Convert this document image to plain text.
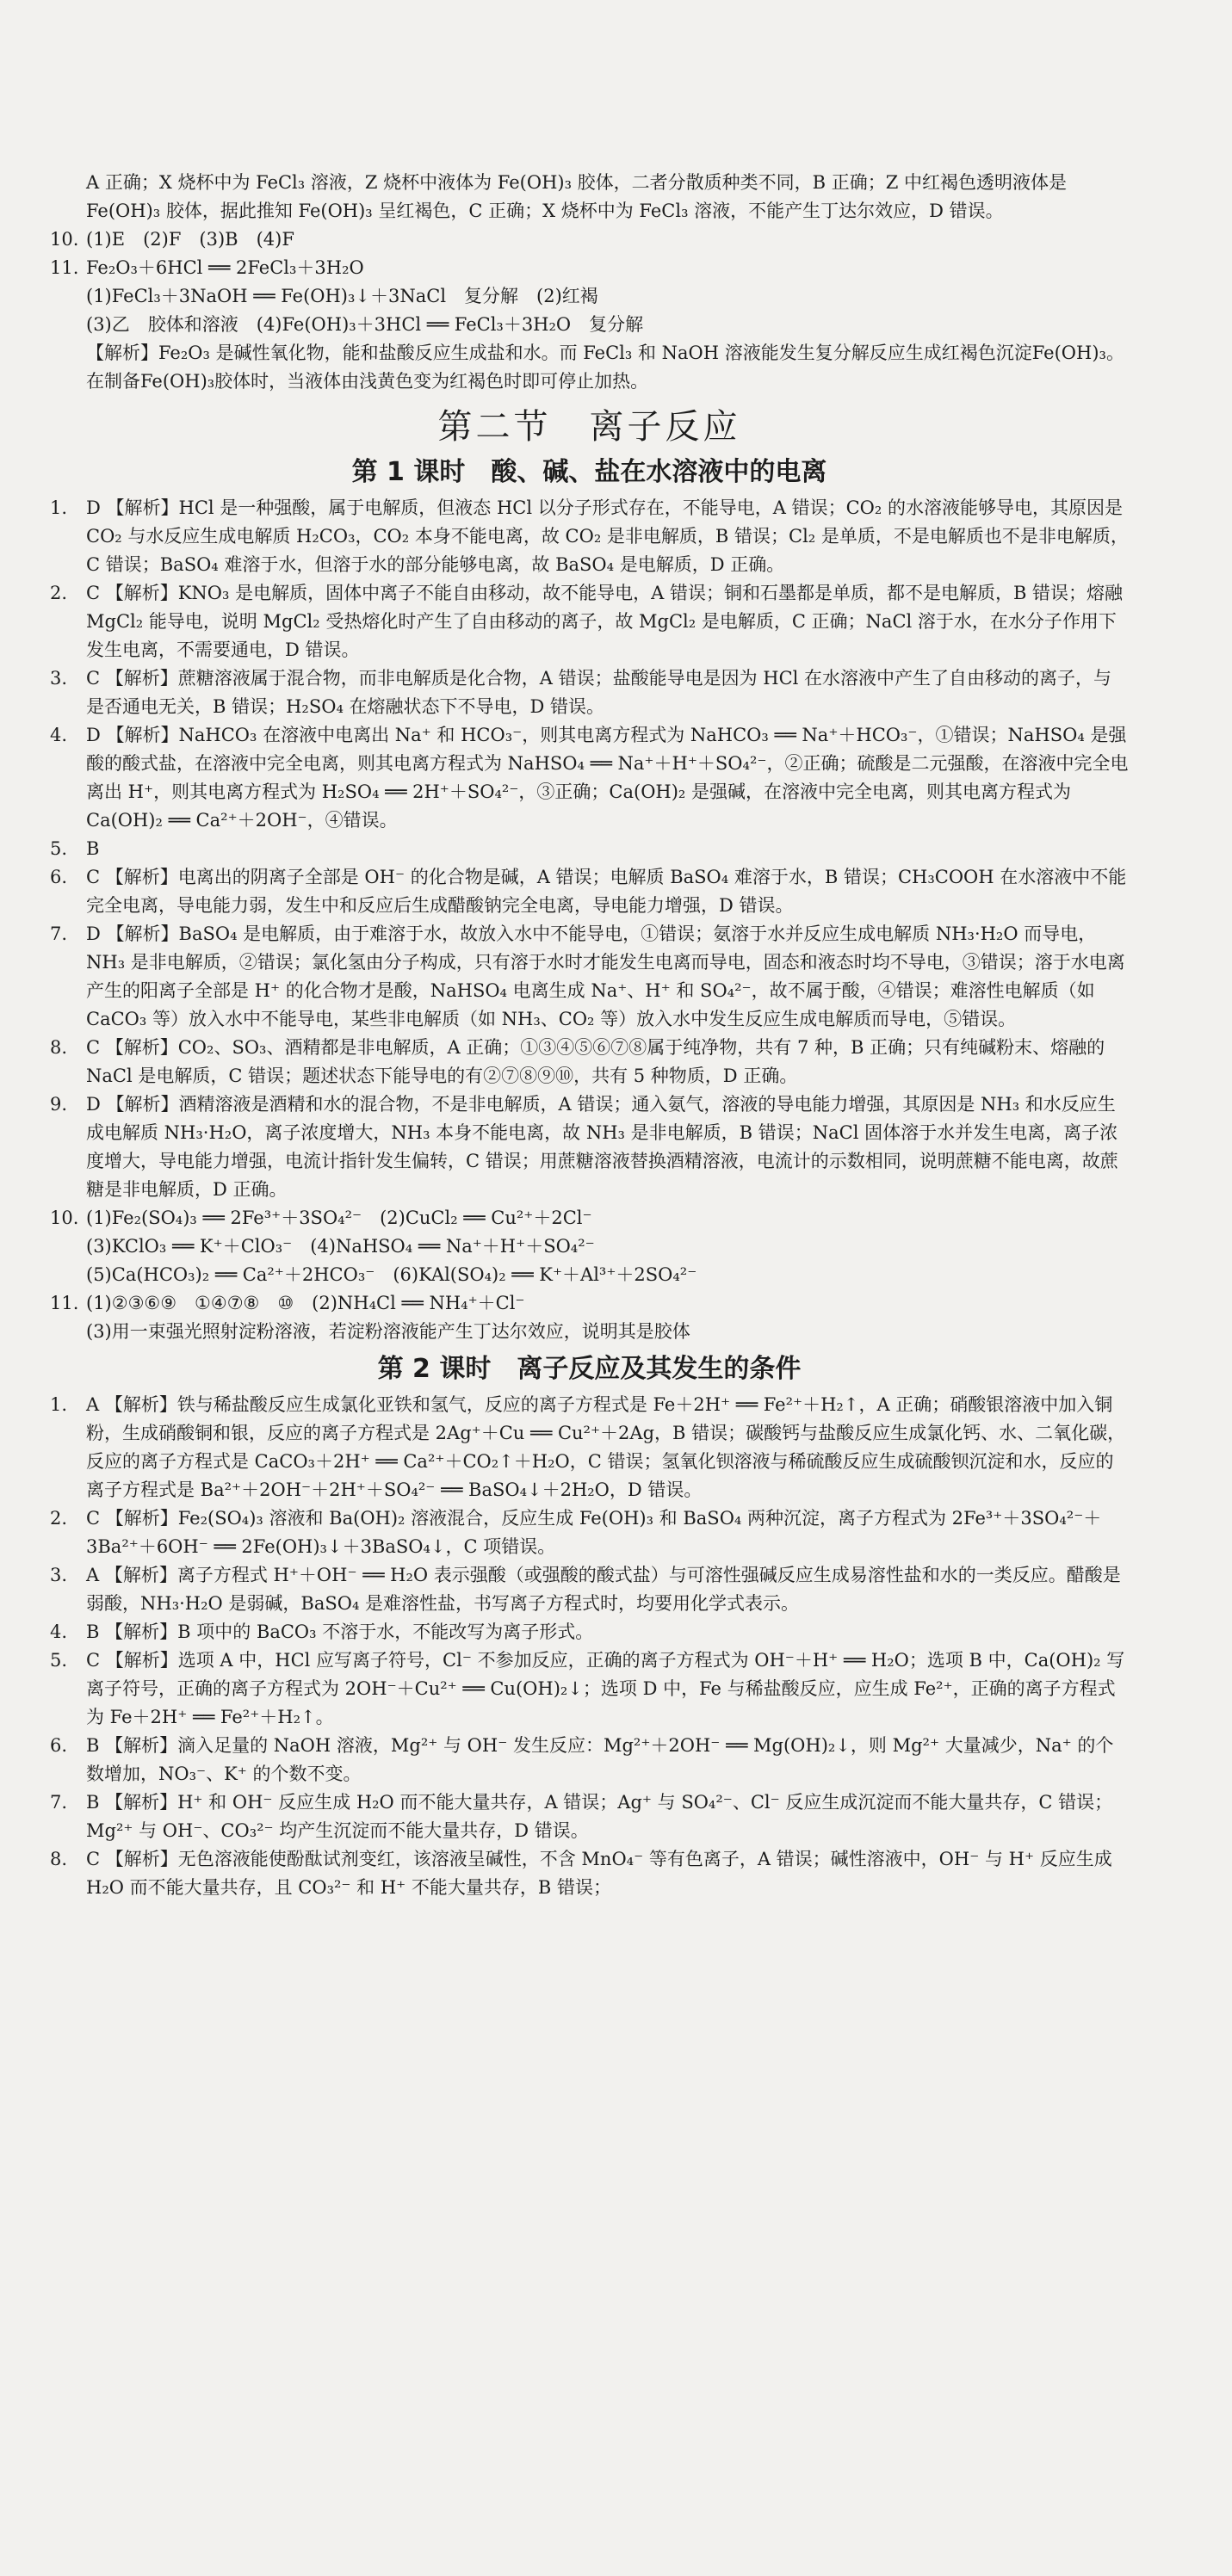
A 正确；X 烧杯中为 FeCl₃ 溶液，Z 烧杯中液体为 Fe(OH)₃ 胶体，二者分散质种类不同，B 正确；Z 中红褐色透明液体是 Fe(OH)₃ 胶体，据此推知 Fe(OH)₃ 呈红褐色，C 正确；X 烧杯中为 FeCl₃ 溶液，不能产生丁达尔效应，D 错误。

10. (1)E　(2)F　(3)B　(4)F
11. Fe₂O₃＋6HCl ══ 2FeCl₃＋3H₂O
(1)FeCl₃＋3NaOH ══ Fe(OH)₃↓＋3NaCl　复分解　(2)红褐
(3)乙　胶体和溶液　(4)Fe(OH)₃＋3HCl ══ FeCl₃＋3H₂O　复分解
【解析】Fe₂O₃ 是碱性氧化物，能和盐酸反应生成盐和水。而 FeCl₃ 和 NaOH 溶液能发生复分解反应生成红褐色沉淀Fe(OH)₃。在制备Fe(OH)₃胶体时，当液体由浅黄色变为红褐色时即可停止加热。
第二节　离子反应
第 1 课时　酸、碱、盐在水溶液中的电离
1.	D 【解析】HCl 是一种强酸，属于电解质，但液态 HCl 以分子形式存在，不能导电，A 错误；CO₂ 的水溶液能够导电，其原因是 CO₂ 与水反应生成电解质 H₂CO₃，CO₂ 本身不能电离，故 CO₂ 是非电解质，B 错误；Cl₂ 是单质，不是电解质也不是非电解质，C 错误；BaSO₄ 难溶于水，但溶于水的部分能够电离，故 BaSO₄ 是电解质，D 正确。
2.	C 【解析】KNO₃ 是电解质，固体中离子不能自由移动，故不能导电，A 错误；铜和石墨都是单质，都不是电解质，B 错误；熔融 MgCl₂ 能导电，说明 MgCl₂ 受热熔化时产生了自由移动的离子，故 MgCl₂ 是电解质，C 正确；NaCl 溶于水，在水分子作用下发生电离，不需要通电，D 错误。
3.	C 【解析】蔗糖溶液属于混合物，而非电解质是化合物，A 错误；盐酸能导电是因为 HCl 在水溶液中产生了自由移动的离子，与是否通电无关，B 错误；H₂SO₄ 在熔融状态下不导电，D 错误。
4.	D 【解析】NaHCO₃ 在溶液中电离出 Na⁺ 和 HCO₃⁻，则其电离方程式为 NaHCO₃ ══ Na⁺＋HCO₃⁻，①错误；NaHSO₄ 是强酸的酸式盐，在溶液中完全电离，则其电离方程式为 NaHSO₄ ══ Na⁺＋H⁺＋SO₄²⁻，②正确；硫酸是二元强酸，在溶液中完全电离出 H⁺，则其电离方程式为 H₂SO₄ ══ 2H⁺＋SO₄²⁻，③正确；Ca(OH)₂ 是强碱，在溶液中完全电离，则其电离方程式为 Ca(OH)₂ ══ Ca²⁺＋2OH⁻，④错误。
5.	B
6.	C 【解析】电离出的阴离子全部是 OH⁻ 的化合物是碱，A 错误；电解质 BaSO₄ 难溶于水，B 错误；CH₃COOH 在水溶液中不能完全电离，导电能力弱，发生中和反应后生成醋酸钠完全电离，导电能力增强，D 错误。
7.	D 【解析】BaSO₄ 是电解质，由于难溶于水，故放入水中不能导电，①错误；氨溶于水并反应生成电解质 NH₃·H₂O 而导电，NH₃ 是非电解质，②错误；氯化氢由分子构成，只有溶于水时才能发生电离而导电，固态和液态时均不导电，③错误；溶于水电离产生的阳离子全部是 H⁺ 的化合物才是酸，NaHSO₄ 电离生成 Na⁺、H⁺ 和 SO₄²⁻，故不属于酸，④错误；难溶性电解质（如 CaCO₃ 等）放入水中不能导电，某些非电解质（如 NH₃、CO₂ 等）放入水中发生反应生成电解质而导电，⑤错误。
8.	C 【解析】CO₂、SO₃、酒精都是非电解质，A 正确；①③④⑤⑥⑦⑧属于纯净物，共有 7 种，B 正确；只有纯碱粉末、熔融的 NaCl 是电解质，C 错误；题述状态下能导电的有②⑦⑧⑨⑩，共有 5 种物质，D 正确。
9.	D 【解析】酒精溶液是酒精和水的混合物，不是非电解质，A 错误；通入氨气，溶液的导电能力增强，其原因是 NH₃ 和水反应生成电解质 NH₃·H₂O，离子浓度增大，NH₃ 本身不能电离，故 NH₃ 是非电解质，B 错误；NaCl 固体溶于水并发生电离，离子浓度增大，导电能力增强，电流计指针发生偏转，C 错误；用蔗糖溶液替换酒精溶液，电流计的示数相同，说明蔗糖不能电离，故蔗糖是非电解质，D 正确。
10. (1)Fe₂(SO₄)₃ ══ 2Fe³⁺＋3SO₄²⁻　(2)CuCl₂ ══ Cu²⁺＋2Cl⁻
(3)KClO₃ ══ K⁺＋ClO₃⁻　(4)NaHSO₄ ══ Na⁺＋H⁺＋SO₄²⁻
(5)Ca(HCO₃)₂ ══ Ca²⁺＋2HCO₃⁻　(6)KAl(SO₄)₂ ══ K⁺＋Al³⁺＋2SO₄²⁻
11. (1)②③⑥⑨　①④⑦⑧　⑩　(2)NH₄Cl ══ NH₄⁺＋Cl⁻
(3)用一束强光照射淀粉溶液，若淀粉溶液能产生丁达尔效应，说明其是胶体
第 2 课时　离子反应及其发生的条件
1.	A 【解析】铁与稀盐酸反应生成氯化亚铁和氢气，反应的离子方程式是 Fe＋2H⁺ ══ Fe²⁺＋H₂↑，A 正确；硝酸银溶液中加入铜粉，生成硝酸铜和银，反应的离子方程式是 2Ag⁺＋Cu ══ Cu²⁺＋2Ag，B 错误；碳酸钙与盐酸反应生成氯化钙、水、二氧化碳，反应的离子方程式是 CaCO₃＋2H⁺ ══ Ca²⁺＋CO₂↑＋H₂O，C 错误；氢氧化钡溶液与稀硫酸反应生成硫酸钡沉淀和水，反应的离子方程式是 Ba²⁺＋2OH⁻＋2H⁺＋SO₄²⁻ ══ BaSO₄↓＋2H₂O，D 错误。
2.	C 【解析】Fe₂(SO₄)₃ 溶液和 Ba(OH)₂ 溶液混合，反应生成 Fe(OH)₃ 和 BaSO₄ 两种沉淀，离子方程式为 2Fe³⁺＋3SO₄²⁻＋3Ba²⁺＋6OH⁻ ══ 2Fe(OH)₃↓＋3BaSO₄↓，C 项错误。
3.	A 【解析】离子方程式 H⁺＋OH⁻ ══ H₂O 表示强酸（或强酸的酸式盐）与可溶性强碱反应生成易溶性盐和水的一类反应。醋酸是弱酸，NH₃·H₂O 是弱碱，BaSO₄ 是难溶性盐，书写离子方程式时，均要用化学式表示。
4.	B 【解析】B 项中的 BaCO₃ 不溶于水，不能改写为离子形式。
5.	C 【解析】选项 A 中，HCl 应写离子符号，Cl⁻ 不参加反应，正确的离子方程式为 OH⁻＋H⁺ ══ H₂O；选项 B 中，Ca(OH)₂ 写离子符号，正确的离子方程式为 2OH⁻＋Cu²⁺ ══ Cu(OH)₂↓；选项 D 中，Fe 与稀盐酸反应，应生成 Fe²⁺，正确的离子方程式为 Fe＋2H⁺ ══ Fe²⁺＋H₂↑。
6.	B 【解析】滴入足量的 NaOH 溶液，Mg²⁺ 与 OH⁻ 发生反应：Mg²⁺＋2OH⁻ ══ Mg(OH)₂↓，则 Mg²⁺ 大量减少，Na⁺ 的个数增加，NO₃⁻、K⁺ 的个数不变。
7.	B 【解析】H⁺ 和 OH⁻ 反应生成 H₂O 而不能大量共存，A 错误；Ag⁺ 与 SO₄²⁻、Cl⁻ 反应生成沉淀而不能大量共存，C 错误；Mg²⁺ 与 OH⁻、CO₃²⁻ 均产生沉淀而不能大量共存，D 错误。
8.	C 【解析】无色溶液能使酚酞试剂变红，该溶液呈碱性，不含 MnO₄⁻ 等有色离子，A 错误；碱性溶液中，OH⁻ 与 H⁺ 反应生成 H₂O 而不能大量共存，且 CO₃²⁻ 和 H⁺ 不能大量共存，B 错误；
